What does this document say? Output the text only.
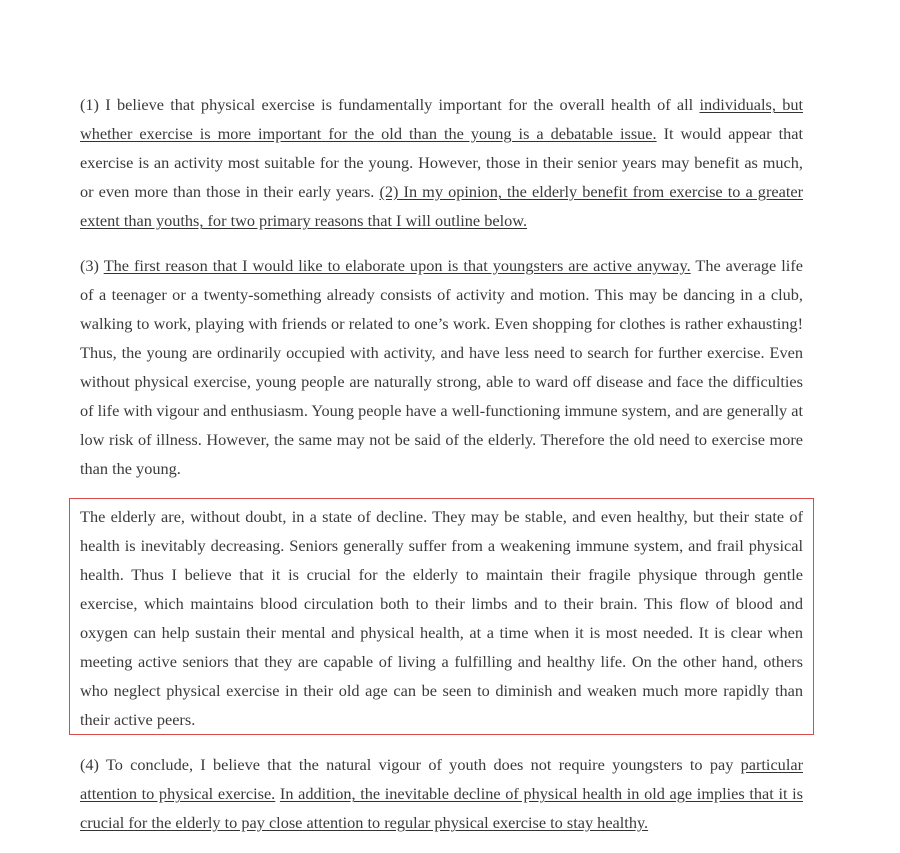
(1) I believe that physical exercise is fundamentally important for the overall health of all individuals, but whether exercise is more important for the old than the young is a debatable issue. It would appear that exercise is an activity most suitable for the young. However, those in their senior years may benefit as much, or even more than those in their early years. (2) In my opinion, the elderly benefit from exercise to a greater extent than youths, for two primary reasons that I will outline below.

(3) The first reason that I would like to elaborate upon is that youngsters are active anyway. The average life of a teenager or a twenty-something already consists of activity and motion. This may be dancing in a club, walking to work, playing with friends or related to one’s work. Even shopping for clothes is rather exhausting! Thus, the young are ordinarily occupied with activity, and have less need to search for further exercise. Even without physical exercise, young people are naturally strong, able to ward off disease and face the difficulties of life with vigour and enthusiasm. Young people have a well-functioning immune system, and are generally at low risk of illness. However, the same may not be said of the elderly. Therefore the old need to exercise more than the young.

The elderly are, without doubt, in a state of decline. They may be stable, and even healthy, but their state of health is inevitably decreasing. Seniors generally suffer from a weakening immune system, and frail physical health. Thus I believe that it is crucial for the elderly to maintain their fragile physique through gentle exercise, which maintains blood circulation both to their limbs and to their brain. This flow of blood and oxygen can help sustain their mental and physical health, at a time when it is most needed. It is clear when meeting active seniors that they are capable of living a fulfilling and healthy life. On the other hand, others who neglect physical exercise in their old age can be seen to diminish and weaken much more rapidly than their active peers.

(4) To conclude, I believe that the natural vigour of youth does not require youngsters to pay particular attention to physical exercise. In addition, the inevitable decline of physical health in old age implies that it is crucial for the elderly to pay close attention to regular physical exercise to stay healthy.
